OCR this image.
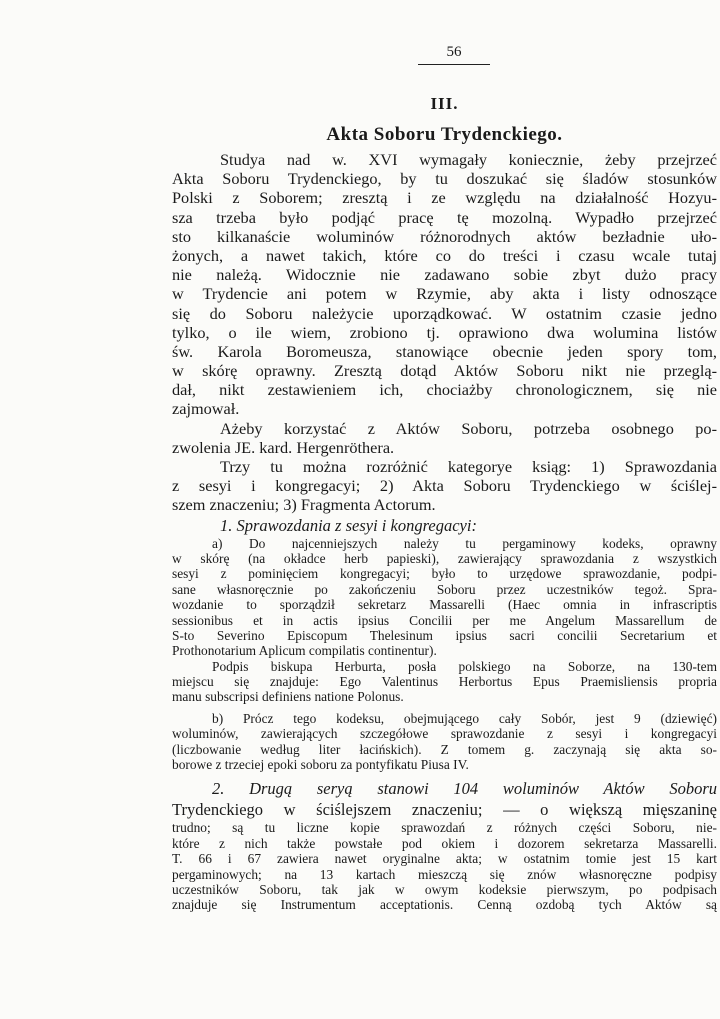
56
III.
Akta Soboru Trydenckiego.
Studya nad w. XVI wymagały koniecznie, żeby przejrzeć
Akta Soboru Trydenckiego, by tu doszukać się śladów stosunków
Polski z Soborem; zresztą i ze względu na działalność Hozyu-
sza trzeba było podjąć pracę tę mozolną. Wypadło przejrzeć
sto kilkanaście woluminów różnorodnych aktów bezładnie uło-
żonych, a nawet takich, które co do treści i czasu wcale tutaj
nie należą. Widocznie nie zadawano sobie zbyt dużo pracy
w Trydencie ani potem w Rzymie, aby akta i listy odnoszące
się do Soboru należycie uporządkować. W ostatnim czasie jedno
tylko, o ile wiem, zrobiono tj. oprawiono dwa wolumina listów
św. Karola Boromeusza, stanowiące obecnie jeden spory tom,
w skórę oprawny. Zresztą dotąd Aktów Soboru nikt nie przeglą-
dał, nikt zestawieniem ich, chociażby chronologicznem, się nie
zajmował.
Ażeby korzystać z Aktów Soboru, potrzeba osobnego po-
zwolenia JE. kard. Hergenröthera.
Trzy tu można rozróżnić kategorye ksiąg: 1) Sprawozdania
z sesyi i kongregacyi; 2) Akta Soboru Trydenckiego w ściślej-
szem znaczeniu; 3) Fragmenta Actorum.
1. Sprawozdania z sesyi i kongregacyi:
a) Do najcenniejszych należy tu pergaminowy kodeks, oprawny
w skórę (na okładce herb papieski), zawierający sprawozdania z wszystkich
sesyi z pominięciem kongregacyi; było to urzędowe sprawozdanie, podpi-
sane własnoręcznie po zakończeniu Soboru przez uczestników tegoż. Spra-
wozdanie to sporządził sekretarz Massarelli (Haec omnia in infrascriptis
sessionibus et in actis ipsius Concilii per me Angelum Massarellum de
S-to Severino Episcopum Thelesinum ipsius sacri concilii Secretarium et
Prothonotarium Aplicum compilatis continentur).
Podpis biskupa Herburta, posła polskiego na Soborze, na 130-tem
miejscu się znajduje: Ego Valentinus Herbortus Epus Praemisliensis propria
manu subscripsi definiens natione Polonus.
b) Prócz tego kodeksu, obejmującego cały Sobór, jest 9 (dziewięć)
woluminów, zawierających szczegółowe sprawozdanie z sesyi i kongregacyi
(liczbowanie według liter łacińskich). Z tomem g. zaczynają się akta so-
borowe z trzeciej epoki soboru za pontyfikatu Piusa IV.
2. Drugą seryą stanowi 104 woluminów Aktów Soboru
Trydenckiego w ściślejszem znaczeniu; — o większą mięszaninę
trudno; są tu liczne kopie sprawozdań z różnych części Soboru, nie-
które z nich także powstałe pod okiem i dozorem sekretarza Massarelli.
T. 66 i 67 zawiera nawet oryginalne akta; w ostatnim tomie jest 15 kart
pergaminowych; na 13 kartach mieszczą się znów własnoręczne podpisy
uczestników Soboru, tak jak w owym kodeksie pierwszym, po podpisach
znajduje się Instrumentum acceptationis. Cenną ozdobą tych Aktów są
